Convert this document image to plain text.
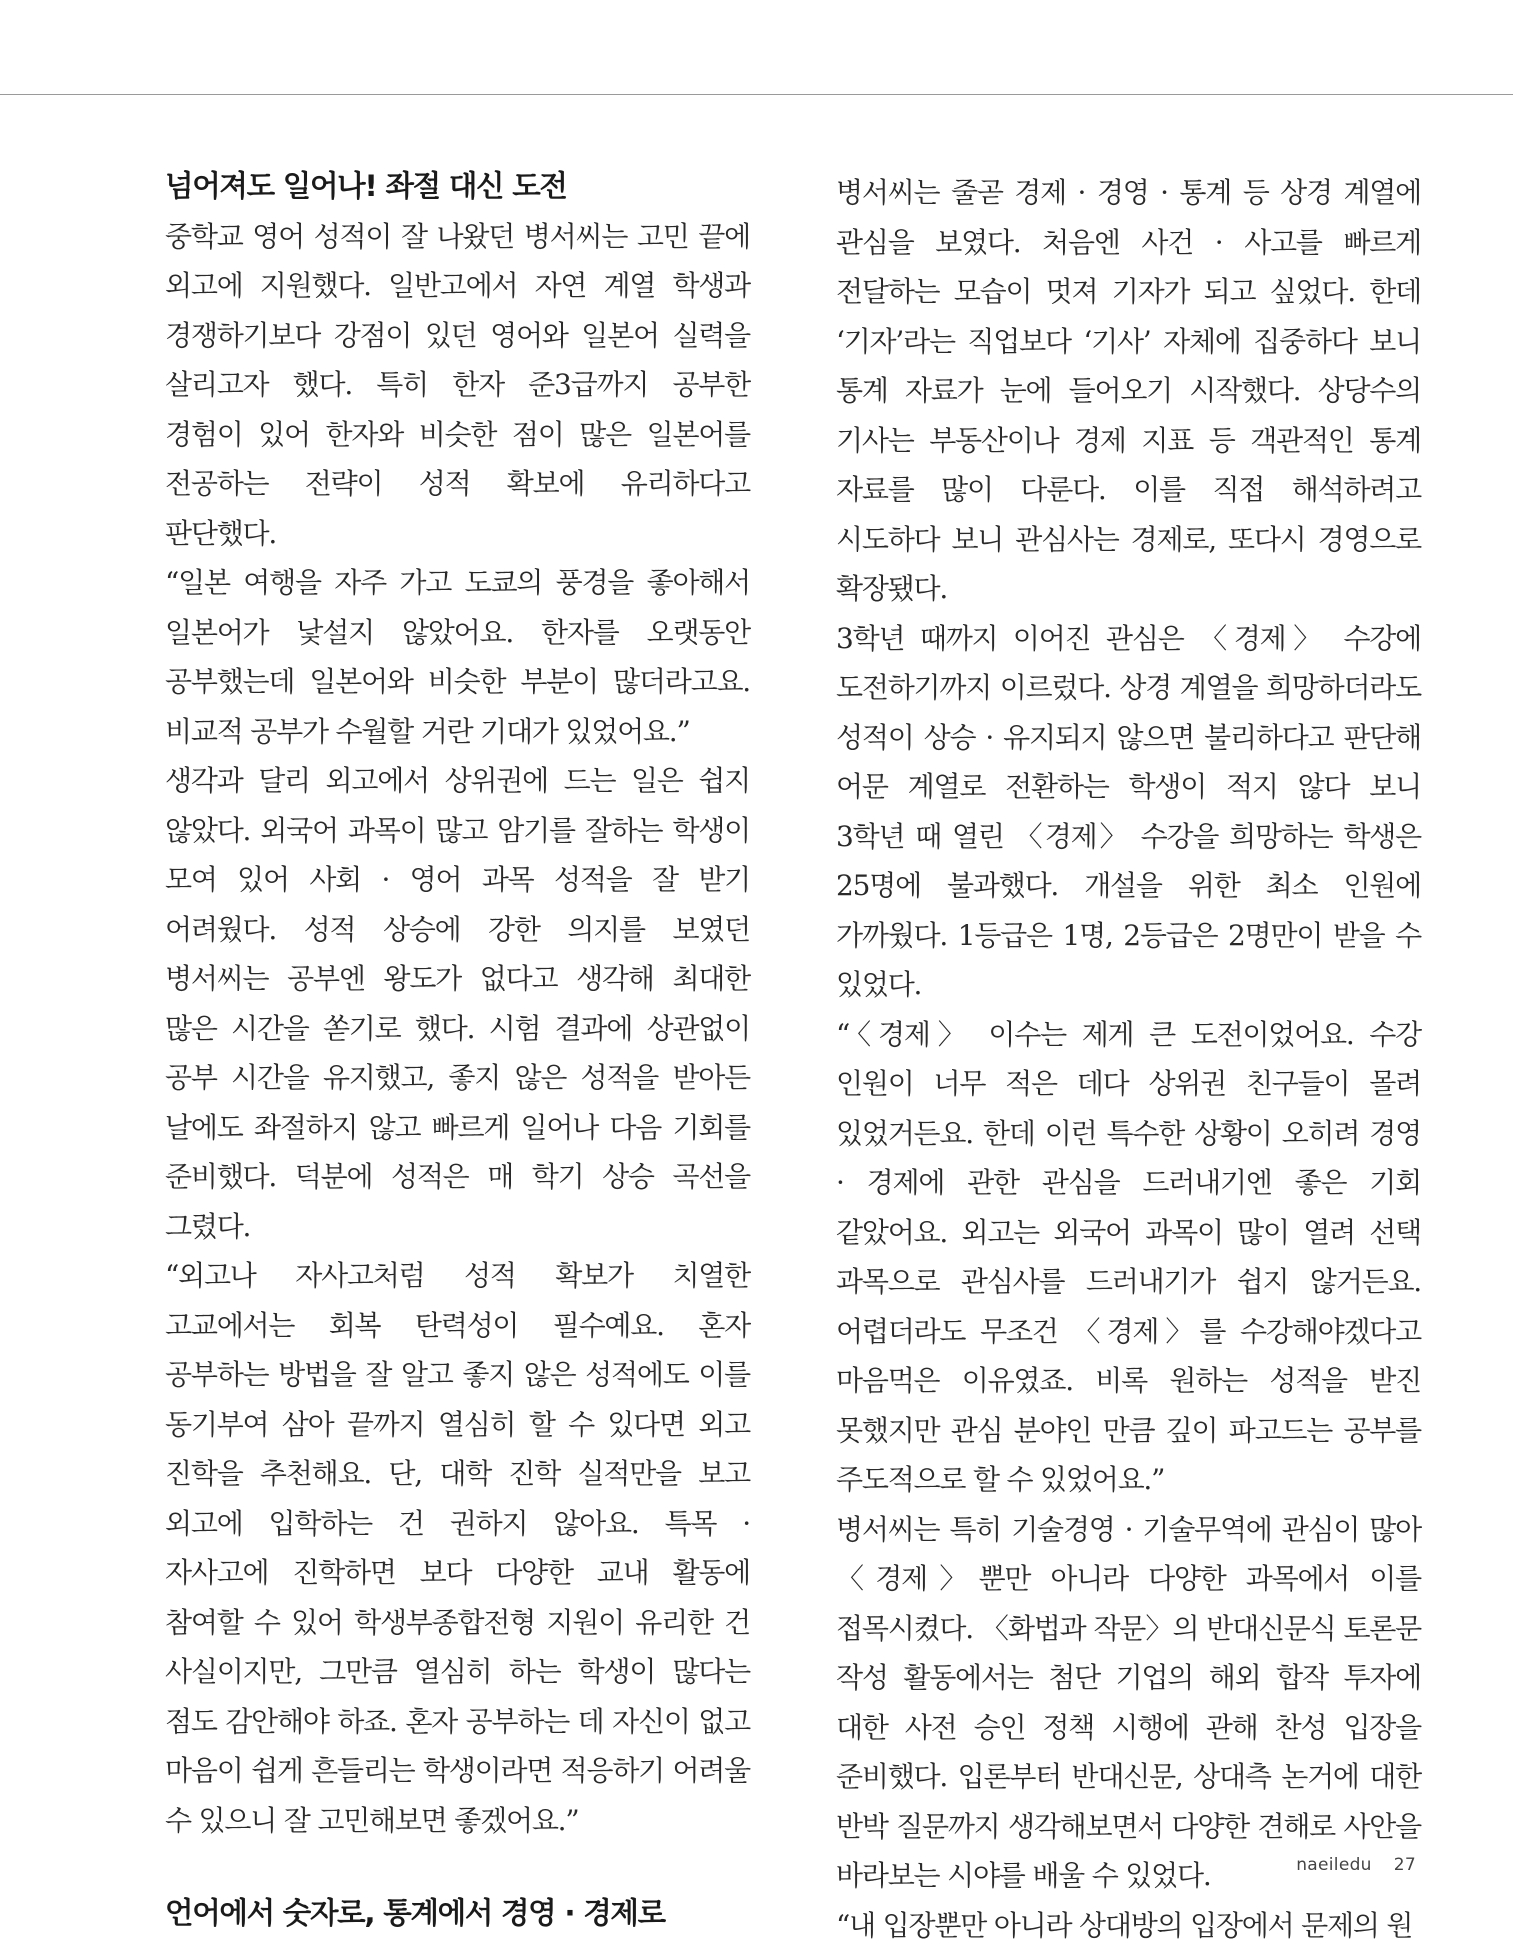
넘어져도 일어나! 좌절 대신 도전

중학교 영어 성적이 잘 나왔던 병서씨는 고민 끝에 외고에 지원했다. 일반고에서 자연 계열 학생과 경쟁하기보다 강점이 있던 영어와 일본어 실력을 살리고자 했다. 특히 한자 준3급까지 공부한 경험이 있어 한자와 비슷한 점이 많은 일본어를 전공하는 전략이 성적 확보에 유리하다고 판단했다.

“일본 여행을 자주 가고 도쿄의 풍경을 좋아해서 일본어가 낯설지 않았어요. 한자를 오랫동안 공부했는데 일본어와 비슷한 부분이 많더라고요. 비교적 공부가 수월할 거란 기대가 있었어요.”

생각과 달리 외고에서 상위권에 드는 일은 쉽지 않았다. 외국어 과목이 많고 암기를 잘하는 학생이 모여 있어 사회 · 영어 과목 성적을 잘 받기 어려웠다. 성적 상승에 강한 의지를 보였던 병서씨는 공부엔 왕도가 없다고 생각해 최대한 많은 시간을 쏟기로 했다. 시험 결과에 상관없이 공부 시간을 유지했고, 좋지 않은 성적을 받아든 날에도 좌절하지 않고 빠르게 일어나 다음 기회를 준비했다. 덕분에 성적은 매 학기 상승 곡선을 그렸다.

“외고나 자사고처럼 성적 확보가 치열한 고교에서는 회복 탄력성이 필수예요. 혼자 공부하는 방법을 잘 알고 좋지 않은 성적에도 이를 동기부여 삼아 끝까지 열심히 할 수 있다면 외고 진학을 추천해요. 단, 대학 진학 실적만을 보고 외고에 입학하는 건 권하지 않아요. 특목 · 자사고에 진학하면 보다 다양한 교내 활동에 참여할 수 있어 학생부종합전형 지원이 유리한 건 사실이지만, 그만큼 열심히 하는 학생이 많다는 점도 감안해야 하죠. 혼자 공부하는 데 자신이 없고 마음이 쉽게 흔들리는 학생이라면 적응하기 어려울 수 있으니 잘 고민해보면 좋겠어요.”

언어에서 숫자로, 통계에서 경영 · 경제로

병서씨는 줄곧 경제 · 경영 · 통계 등 상경 계열에 관심을 보였다. 처음엔 사건 · 사고를 빠르게 전달하는 모습이 멋져 기자가 되고 싶었다. 한데 ‘기자’라는 직업보다 ‘기사’ 자체에 집중하다 보니 통계 자료가 눈에 들어오기 시작했다. 상당수의 기사는 부동산이나 경제 지표 등 객관적인 통계 자료를 많이 다룬다. 이를 직접 해석하려고 시도하다 보니 관심사는 경제로, 또다시 경영으로 확장됐다.

3학년 때까지 이어진 관심은 〈경제〉 수강에 도전하기까지 이르렀다. 상경 계열을 희망하더라도 성적이 상승 · 유지되지 않으면 불리하다고 판단해 어문 계열로 전환하는 학생이 적지 않다 보니 3학년 때 열린 〈경제〉 수강을 희망하는 학생은 25명에 불과했다. 개설을 위한 최소 인원에 가까웠다. 1등급은 1명, 2등급은 2명만이 받을 수 있었다.

“〈경제〉 이수는 제게 큰 도전이었어요. 수강 인원이 너무 적은 데다 상위권 친구들이 몰려 있었거든요. 한데 이런 특수한 상황이 오히려 경영 · 경제에 관한 관심을 드러내기엔 좋은 기회 같았어요. 외고는 외국어 과목이 많이 열려 선택 과목으로 관심사를 드러내기가 쉽지 않거든요. 어렵더라도 무조건 〈경제〉를 수강해야겠다고 마음먹은 이유였죠. 비록 원하는 성적을 받진 못했지만 관심 분야인 만큼 깊이 파고드는 공부를 주도적으로 할 수 있었어요.”

병서씨는 특히 기술경영 · 기술무역에 관심이 많아 〈경제〉뿐만 아니라 다양한 과목에서 이를 접목시켰다. 〈화법과 작문〉의 반대신문식 토론문 작성 활동에서는 첨단 기업의 해외 합작 투자에 대한 사전 승인 정책 시행에 관해 찬성 입장을 준비했다. 입론부터 반대신문, 상대측 논거에 대한 반박 질문까지 생각해보면서 다양한 견해로 사안을 바라보는 시야를 배울 수 있었다.

“내 입장뿐만 아니라 상대방의 입장에서 문제의 원

naeiledu 27
